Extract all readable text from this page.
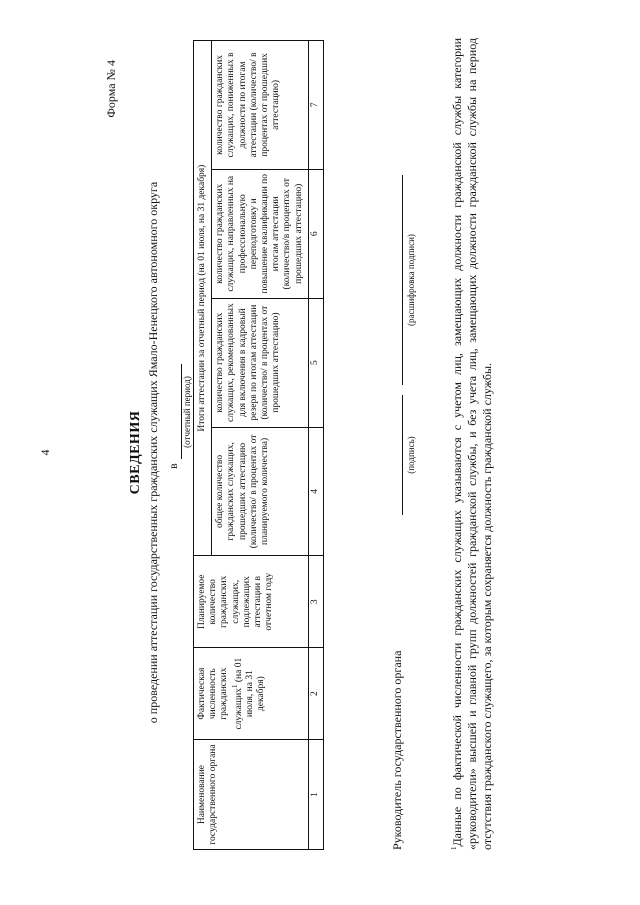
4
Форма № 4
СВЕДЕНИЯ о проведении аттестации государственных гражданских служащих Ямало-Ненецкого автономного округа в
(отчетный период)
Наименование государственного органа	Фактическая численность гражданских служащих$^1$ (на 01 июля, на 31 декабря)	Планируемое количество гражданских служащих, подлежащих аттестации в отчетном году	Итоги аттестации за отчетный период (на 01 июля, на 31 декабря)			
			общее количество гражданских служащих, прошедших аттестацию (количество/ в процентах от планируемого количества)	количество гражданских служащих, рекомендованных для включения в кадровый резерв по итогам аттестации (количество/ в процентах от прошедших аттестацию)	количество гражданских служащих, направленных на профессиональную переподготовку и повышение квалификации по итогам аттестации (количество/в процентах от прошедших аттестацию)	количество гражданских служащих, пониженных в должности по итогам аттестации (количество/ в процентах от прошедших аттестацию)
1	2	3	4	5	6	7
Руководитель государственного органа
(подпись)
(расшифровка подписи)
$^1$Данные по фактической численности гражданских служащих указываются с учетом лиц, замещающих должности гражданской службы категории «руководители» высшей и главной групп должностей гражданской службы, и без учета лиц, замещающих должности гражданской службы на период отсутствия гражданского служащего, за которым сохраняется должность гражданской службы.
